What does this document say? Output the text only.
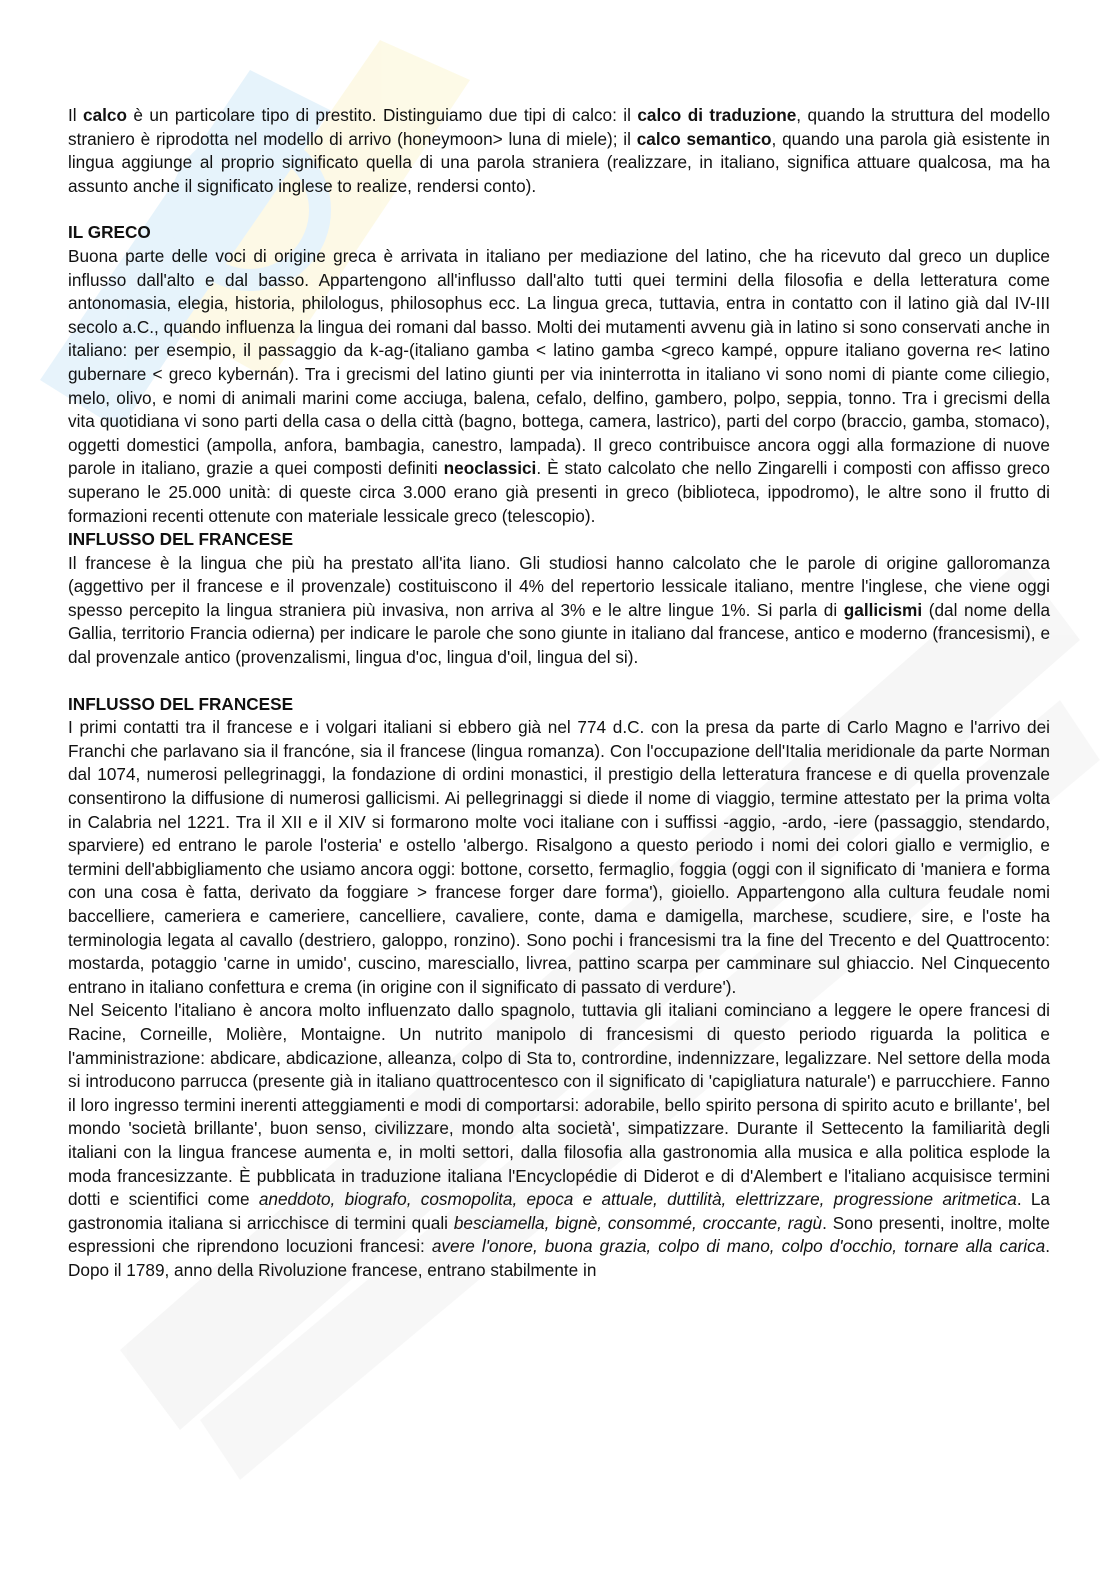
Il calco è un particolare tipo di prestito. Distinguiamo due tipi di calco: il calco di traduzione, quando la struttura del modello straniero è riprodotta nel modello di arrivo (honeymoon> luna di miele); il calco semantico, quando una parola già esistente in lingua aggiunge al proprio significato quella di una parola straniera (realizzare, in italiano, significa attuare qualcosa, ma ha assunto anche il significato inglese to realize, rendersi conto).

IL GRECO

Buona parte delle voci di origine greca è arrivata in italiano per mediazione del latino, che ha ricevuto dal greco un duplice influsso dall'alto e dal basso. Appartengono all'influsso dall'alto tutti quei termini della filosofia e della letteratura come antonomasia, elegia, historia, philologus, philosophus ecc. La lingua greca, tuttavia, entra in contatto con il latino già dal IV-III secolo a.C., quando influenza la lingua dei romani dal basso. Molti dei mutamenti avvenu già in latino si sono conservati anche in italiano: per esempio, il passaggio da k-ag-(italiano gamba < latino gamba <greco kampé, oppure italiano governa re< latino gubernare < greco kybernán). Tra i grecismi del latino giunti per via ininterrotta in italiano vi sono nomi di piante come ciliegio, melo, olivo, e nomi di animali marini come acciuga, balena, cefalo, delfino, gambero, polpo, seppia, tonno. Tra i grecismi della vita quotidiana vi sono parti della casa o della città (bagno, bottega, camera, lastrico), parti del corpo (braccio, gamba, stomaco), oggetti domestici (ampolla, anfora, bambagia, canestro, lampada). Il greco contribuisce ancora oggi alla formazione di nuove parole in italiano, grazie a quei composti definiti neoclassici. È stato calcolato che nello Zingarelli i composti con affisso greco superano le 25.000 unità: di queste circa 3.000 erano già presenti in greco (biblioteca, ippodromo), le altre sono il frutto di formazioni recenti ottenute con materiale lessicale greco (telescopio).

INFLUSSO DEL FRANCESE

Il francese è la lingua che più ha prestato all'ita liano. Gli studiosi hanno calcolato che le parole di origine galloromanza (aggettivo per il francese e il provenzale) costituiscono il 4% del repertorio lessicale italiano, mentre l'inglese, che viene oggi spesso percepito la lingua straniera più invasiva, non arriva al 3% e le altre lingue 1%. Si parla di gallicismi (dal nome della Gallia, territorio Francia odierna) per indicare le parole che sono giunte in italiano dal francese, antico e moderno (francesismi), e dal provenzale antico (provenzalismi, lingua d'oc, lingua d'oil, lingua del si).

INFLUSSO DEL FRANCESE

I primi contatti tra il francese e i volgari italiani si ebbero già nel 774 d.C. con la presa da parte di Carlo Magno e l'arrivo dei Franchi che parlavano sia il francóne, sia il francese (lingua romanza). Con l'occupazione dell'Italia meridionale da parte Norman dal 1074, numerosi pellegrinaggi, la fondazione di ordini monastici, il prestigio della letteratura francese e di quella provenzale consentirono la diffusione di numerosi gallicismi. Ai pellegrinaggi si diede il nome di viaggio, termine attestato per la prima volta in Calabria nel 1221. Tra il XII e il XIV si formarono molte voci italiane con i suffissi -aggio, -ardo, -iere (passaggio, stendardo, sparviere) ed entrano le parole l'osteria' e ostello 'albergo. Risalgono a questo periodo i nomi dei colori giallo e vermiglio, e termini dell'abbigliamento che usiamo ancora oggi: bottone, corsetto, fermaglio, foggia (oggi con il significato di 'maniera e forma con una cosa è fatta, derivato da foggiare > francese forger dare forma'), gioiello. Appartengono alla cultura feudale nomi baccelliere, cameriera e cameriere, cancelliere, cavaliere, conte, dama e damigella, marchese, scudiere, sire, e l'oste ha terminologia legata al cavallo (destriero, galoppo, ronzino). Sono pochi i francesismi tra la fine del Trecento e del Quattrocento: mostarda, potaggio 'carne in umido', cuscino, maresciallo, livrea, pattino scarpa per camminare sul ghiaccio. Nel Cinquecento entrano in italiano confettura e crema (in origine con il significato di passato di verdure').

Nel Seicento l'italiano è ancora molto influenzato dallo spagnolo, tuttavia gli italiani cominciano a leggere le opere francesi di Racine, Corneille, Molière, Montaigne. Un nutrito manipolo di francesismi di questo periodo riguarda la politica e l'amministrazione: abdicare, abdicazione, alleanza, colpo di Sta to, contrordine, indennizzare, legalizzare. Nel settore della moda si introducono parrucca (presente già in italiano quattrocentesco con il significato di 'capigliatura naturale') e parrucchiere. Fanno il loro ingresso termini inerenti atteggiamenti e modi di comportarsi: adorabile, bello spirito persona di spirito acuto e brillante', bel mondo 'società brillante', buon senso, civilizzare, mondo alta società', simpatizzare. Durante il Settecento la familiarità degli italiani con la lingua francese aumenta e, in molti settori, dalla filosofia alla gastronomia alla musica e alla politica esplode la moda francesizzante. È pubblicata in traduzione italiana l'Encyclopédie di Diderot e di d'Alembert e l'italiano acquisisce termini dotti e scientifici come aneddoto, biografo, cosmopolita, epoca e attuale, duttilità, elettrizzare, progressione aritmetica. La gastronomia italiana si arricchisce di termini quali besciamella, bignè, consommé, croccante, ragù. Sono presenti, inoltre, molte espressioni che riprendono locuzioni francesi: avere l'onore, buona grazia, colpo di mano, colpo d'occhio, tornare alla carica. Dopo il 1789, anno della Rivoluzione francese, entrano stabilmente in
